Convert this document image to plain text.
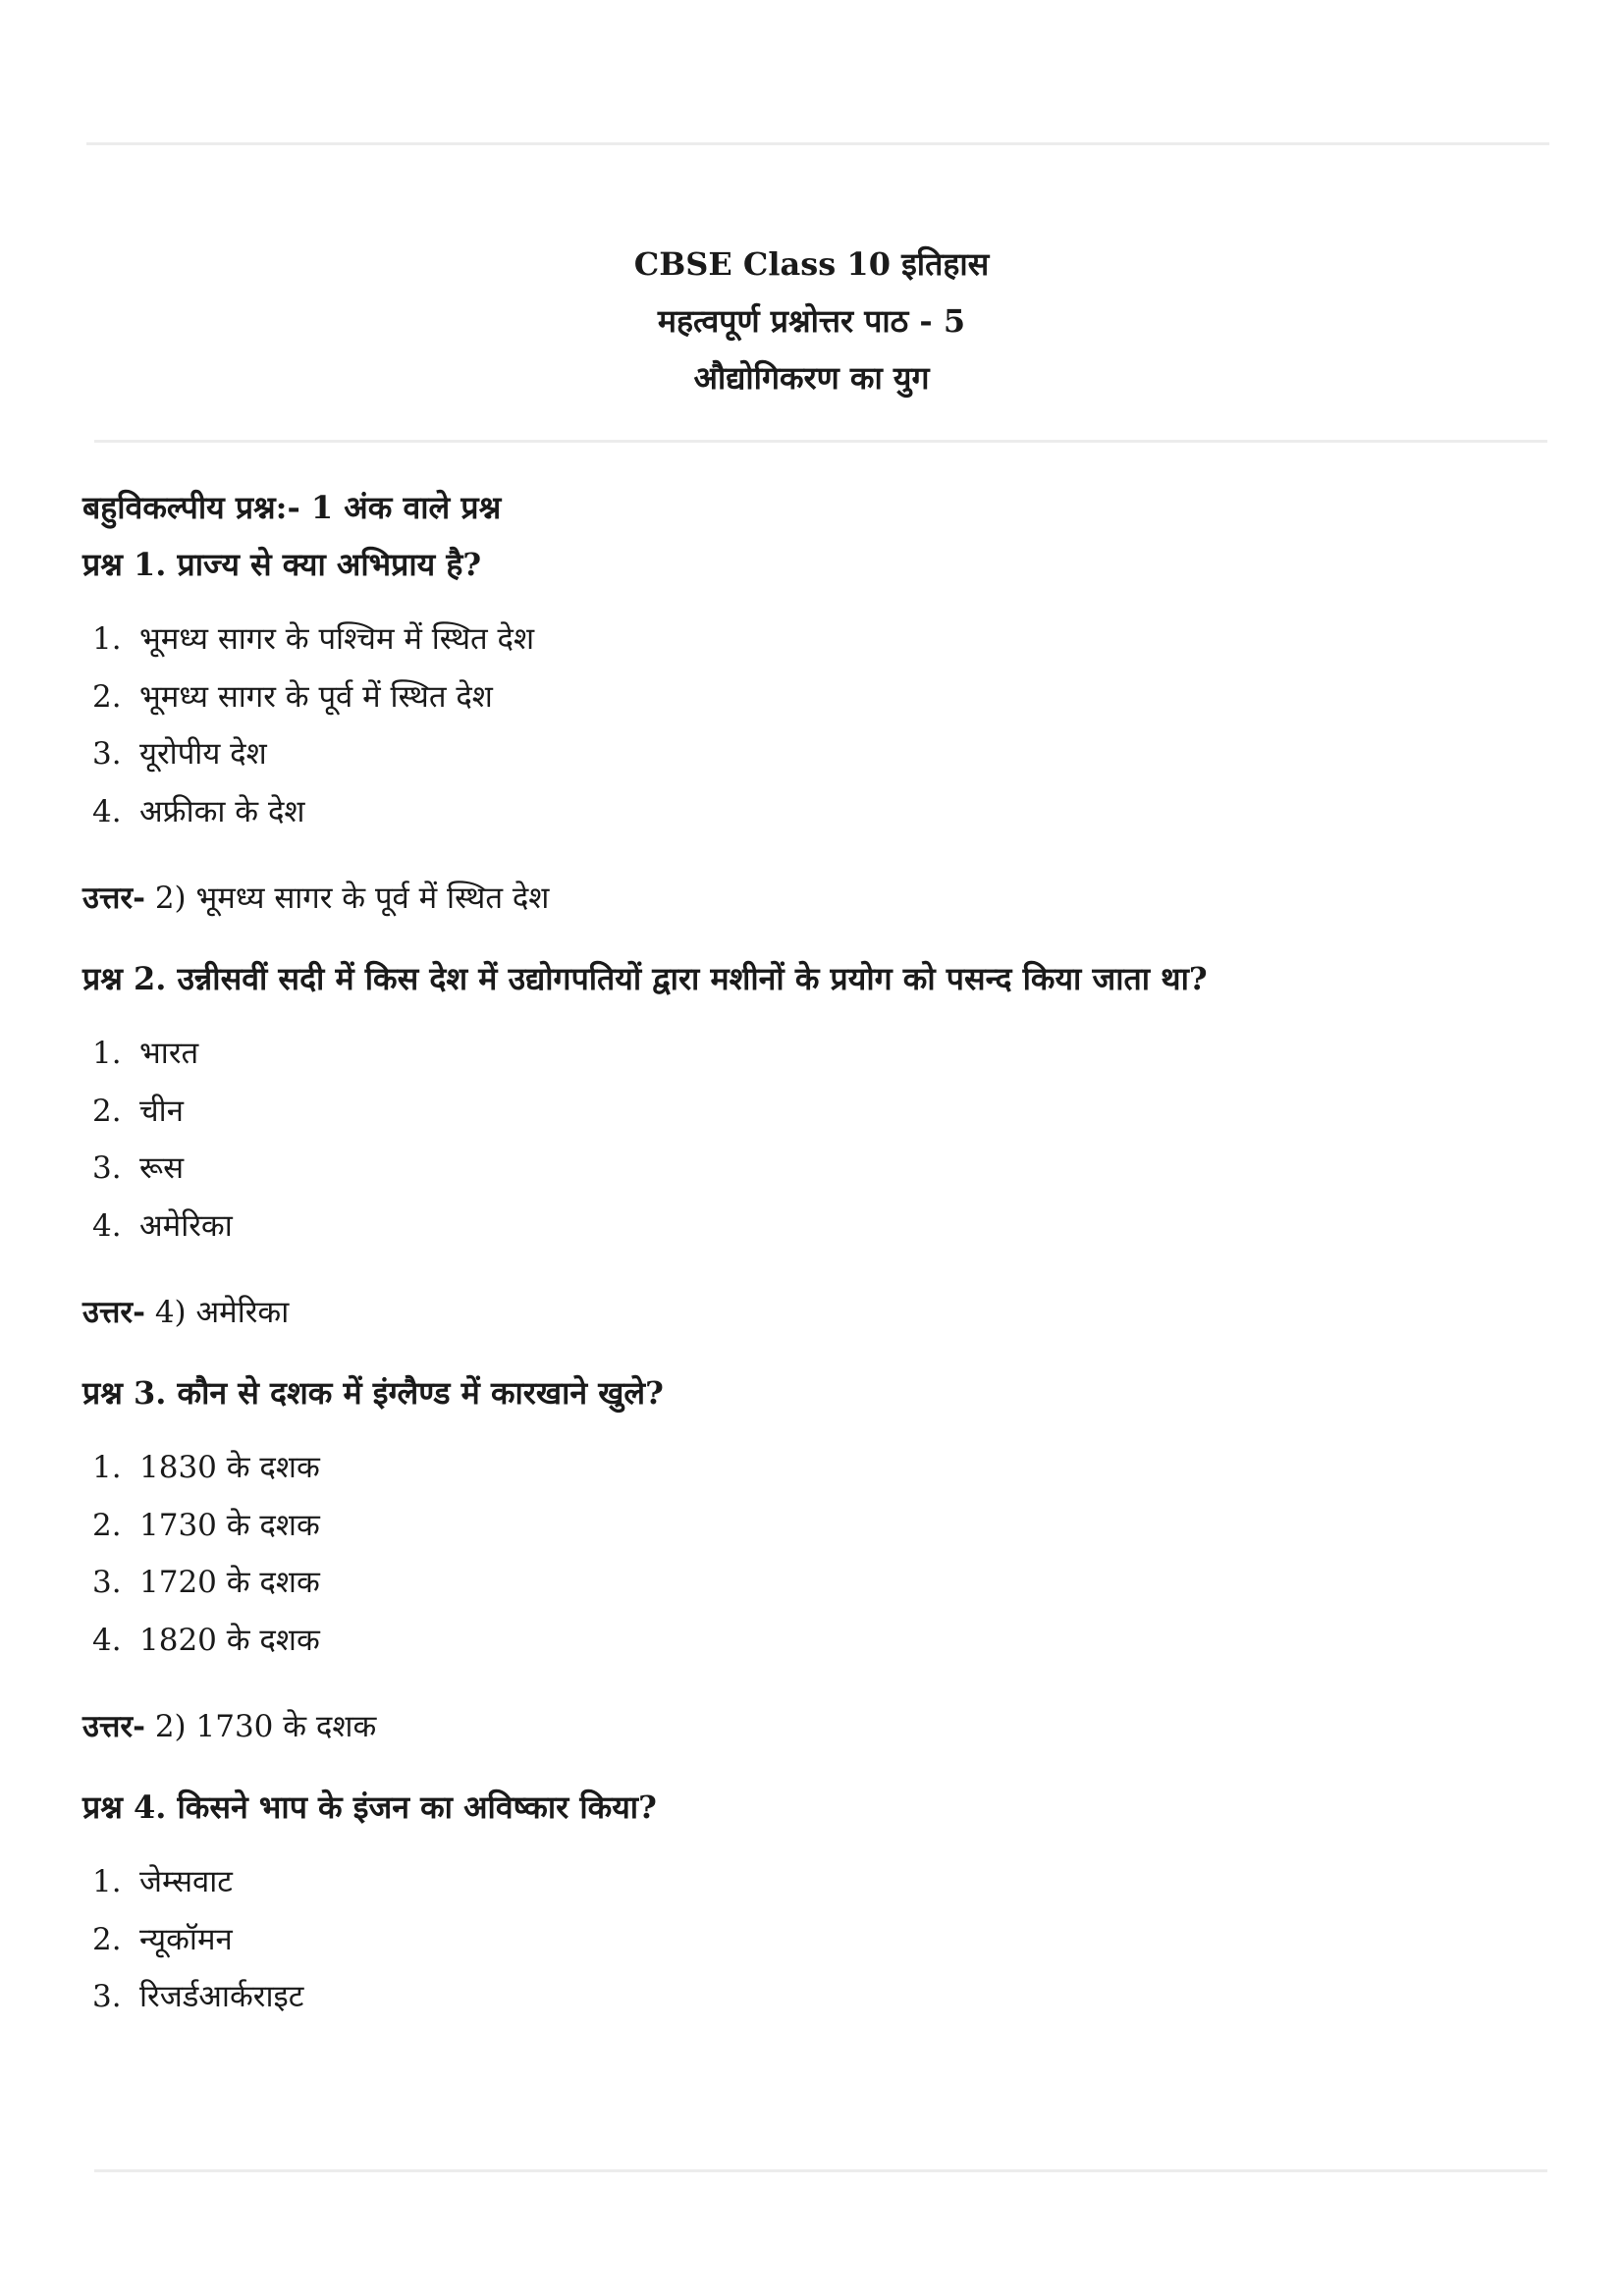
CBSE Class 10 इतिहास
महत्वपूर्ण प्रश्नोत्तर पाठ - 5
औद्योगिकरण का युग

बहुविकल्पीय प्रश्न:- 1 अंक वाले प्रश्न

प्रश्न 1. प्राज्य से क्या अभिप्राय है?

1. भूमध्य सागर के पश्चिम में स्थित देश
2. भूमध्य सागर के पूर्व में स्थित देश
3. यूरोपीय देश
4. अफ्रीका के देश
उत्तर- 2) भूमध्य सागर के पूर्व में स्थित देश

प्रश्न 2. उन्नीसवीं सदी में किस देश में उद्योगपतियों द्वारा मशीनों के प्रयोग को पसन्द किया जाता था?

1. भारत
2. चीन
3. रूस
4. अमेरिका
उत्तर- 4) अमेरिका

प्रश्न 3. कौन से दशक में इंग्लैण्ड में कारखाने खुले?

1. 1830 के दशक
2. 1730 के दशक
3. 1720 के दशक
4. 1820 के दशक
उत्तर- 2) 1730 के दशक

प्रश्न 4. किसने भाप के इंजन का अविष्कार किया?

1. जेम्सवाट
2. न्यूकॉमन
3. रिजर्डआर्कराइट
